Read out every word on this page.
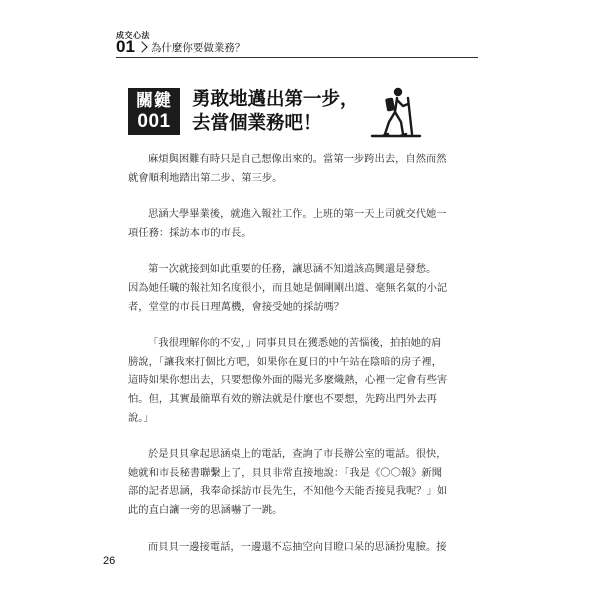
成交心法
01 為什麼你要做業務？
關鍵
001
勇敢地邁出第一步，
去當個業務吧！

麻煩與困難有時只是自己想像出來的。當第一步跨出去，自然而然
就會順利地踏出第二步、第三步。

思涵大學畢業後，就進入報社工作。上班的第一天上司就交代她一
項任務：採訪本市的市長。

第一次就接到如此重要的任務，讓思涵不知道該高興還是發愁。
因為她任職的報社知名度很小，而且她是個剛剛出道、毫無名氣的小記
者，堂堂的市長日理萬機，會接受她的採訪嗎？

「我很理解你的不安，」同事貝貝在獲悉她的苦惱後，拍拍她的肩
膀說，「讓我來打個比方吧，如果你在夏日的中午站在陰暗的房子裡，
這時如果你想出去，只要想像外面的陽光多麼熾熱，心裡一定會有些害
怕。但，其實最簡單有效的辦法就是什麼也不要想，先跨出門外去再
說。」

於是貝貝拿起思涵桌上的電話，查詢了市長辦公室的電話。很快，
她就和市長秘書聯繫上了，貝貝非常直接地說：「我是《〇〇報》新聞
部的記者思涵，我奉命採訪市長先生，不知他今天能否接見我呢？」如
此的直白讓一旁的思涵嚇了一跳。

而貝貝一邊接電話，一邊還不忘抽空向目瞪口呆的思涵扮鬼臉。接

26
